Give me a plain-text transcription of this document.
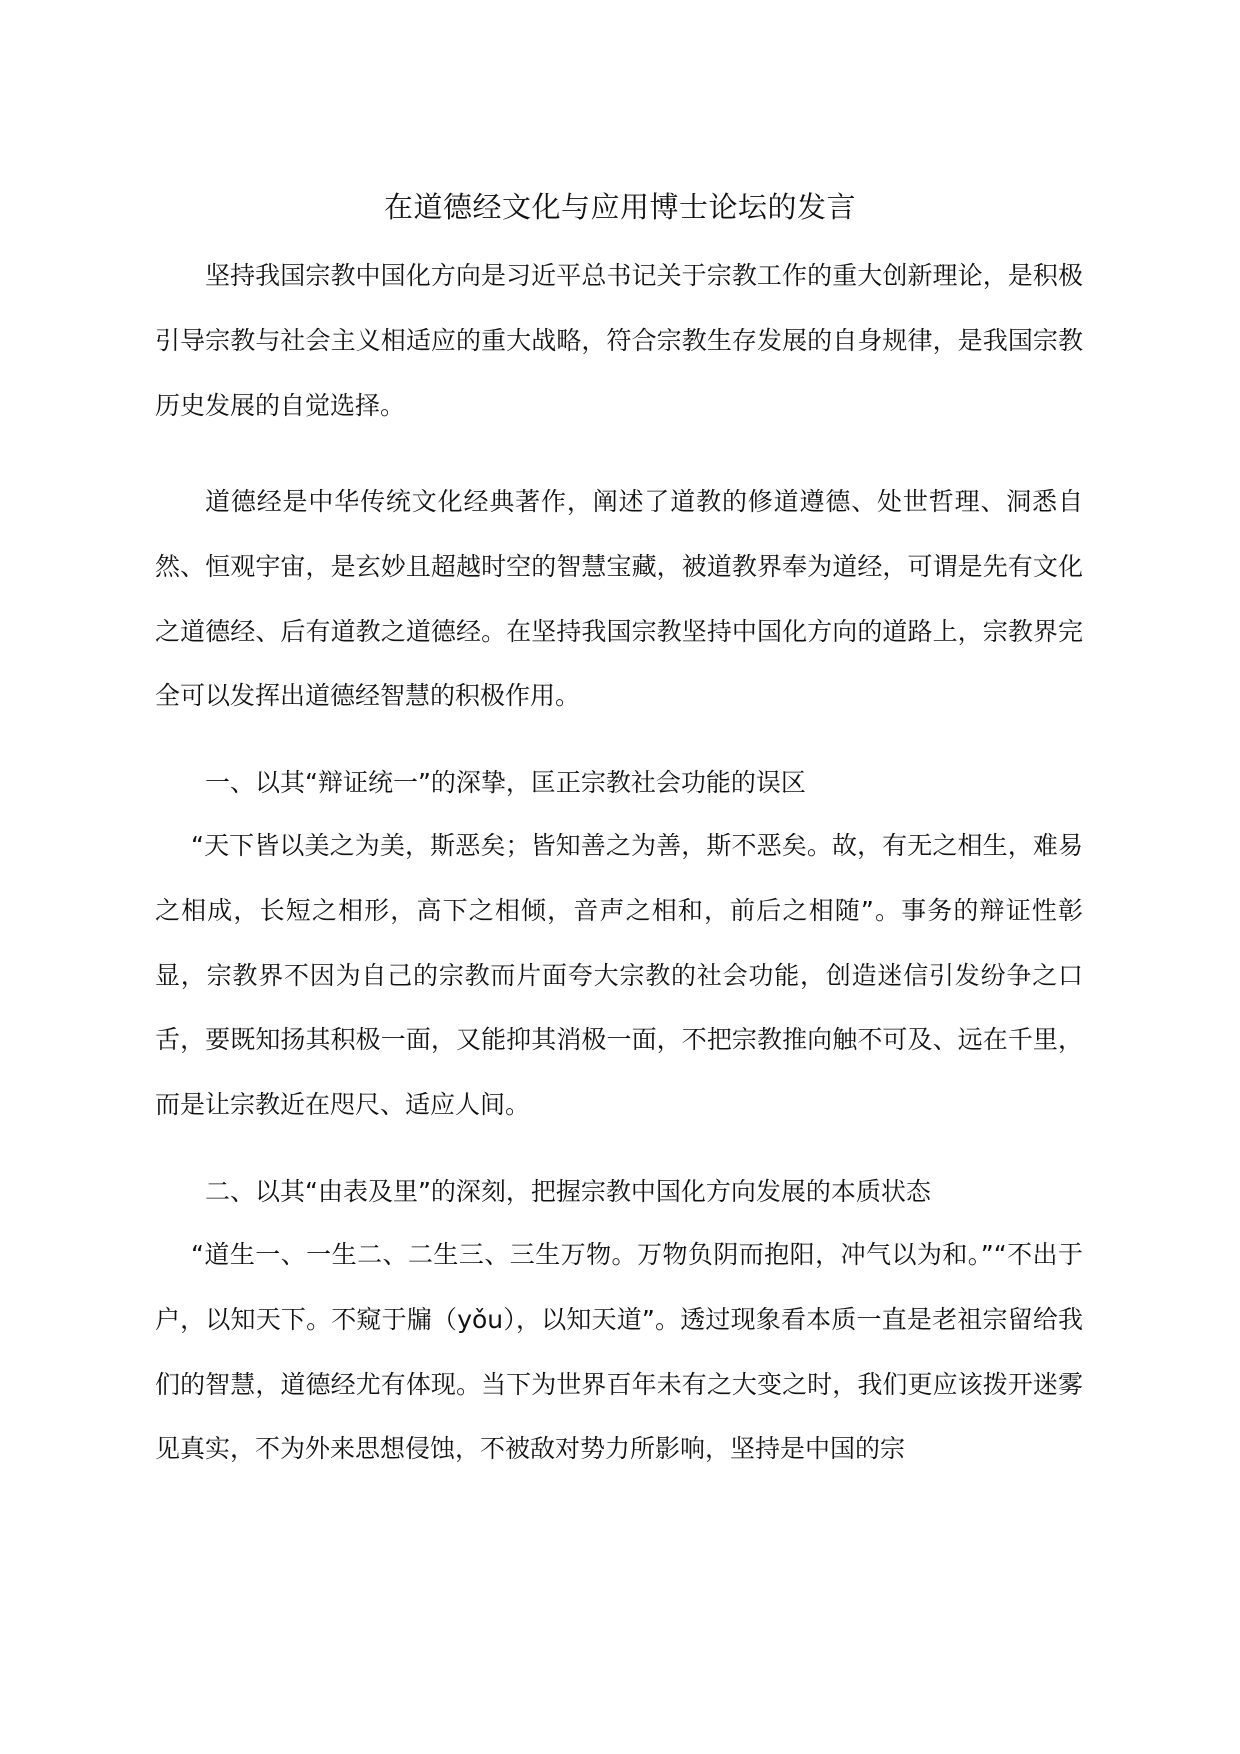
在道德经文化与应用博士论坛的发言

坚持我国宗教中国化方向是习近平总书记关于宗教工作的重大创新理论，是积极引导宗教与社会主义相适应的重大战略，符合宗教生存发展的自身规律，是我国宗教历史发展的自觉选择。

道德经是中华传统文化经典著作，阐述了道教的修道遵德、处世哲理、洞悉自然、恒观宇宙，是玄妙且超越时空的智慧宝藏，被道教界奉为道经，可谓是先有文化之道德经、后有道教之道德经。在坚持我国宗教坚持中国化方向的道路上，宗教界完全可以发挥出道德经智慧的积极作用。

一、以其“辩证统一”的深挚，匡正宗教社会功能的误区

“天下皆以美之为美，斯恶矣；皆知善之为善，斯不恶矣。故，有无之相生，难易之相成，长短之相形，高下之相倾，音声之相和，前后之相随”。事务的辩证性彰显，宗教界不因为自己的宗教而片面夸大宗教的社会功能，创造迷信引发纷争之口舌，要既知扬其积极一面，又能抑其消极一面，不把宗教推向触不可及、远在千里，而是让宗教近在咫尺、适应人间。

二、以其“由表及里”的深刻，把握宗教中国化方向发展的本质状态

“道生一、一生二、二生三、三生万物。万物负阴而抱阳，冲气以为和。”“不出于户，以知天下。不窥于牖（yǒu），以知天道”。透过现象看本质一直是老祖宗留给我们的智慧，道德经尤有体现。当下为世界百年未有之大变之时，我们更应该拨开迷雾见真实，不为外来思想侵蚀，不被敌对势力所影响，坚持是中国的宗
